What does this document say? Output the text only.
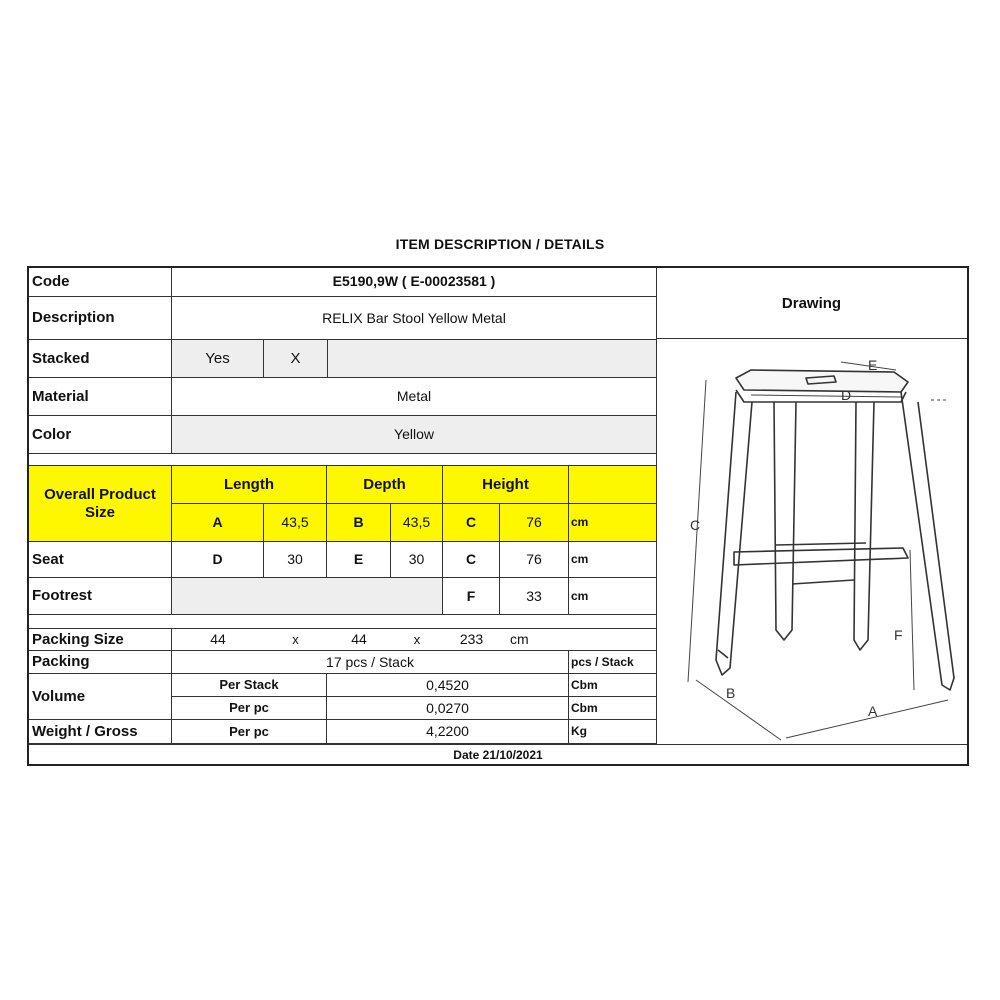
ITEM DESCRIPTION / DETAILS
Code	E5190,9W ( E-00023581 )
Description	RELIX Bar Stool Yellow Metal
Stacked	Yes	X
Material	Metal
Color	Yellow
Overall Product Size
Length	Depth	Height
A	43,5	B	43,5	C	76	cm
Seat	D	30	E	30	C	76	cm
Footrest	F	33	cm
Packing Size	44	x	44	x	233	cm
Packing	17 pcs / Stack	pcs / Stack
Volume
Per Stack	0,4520	Cbm
Per pc	0,0270	Cbm
Weight / Gross	Per pc	4,2200	Kg
Drawing
E
D
C
B
A
F
Date 21/10/2021
